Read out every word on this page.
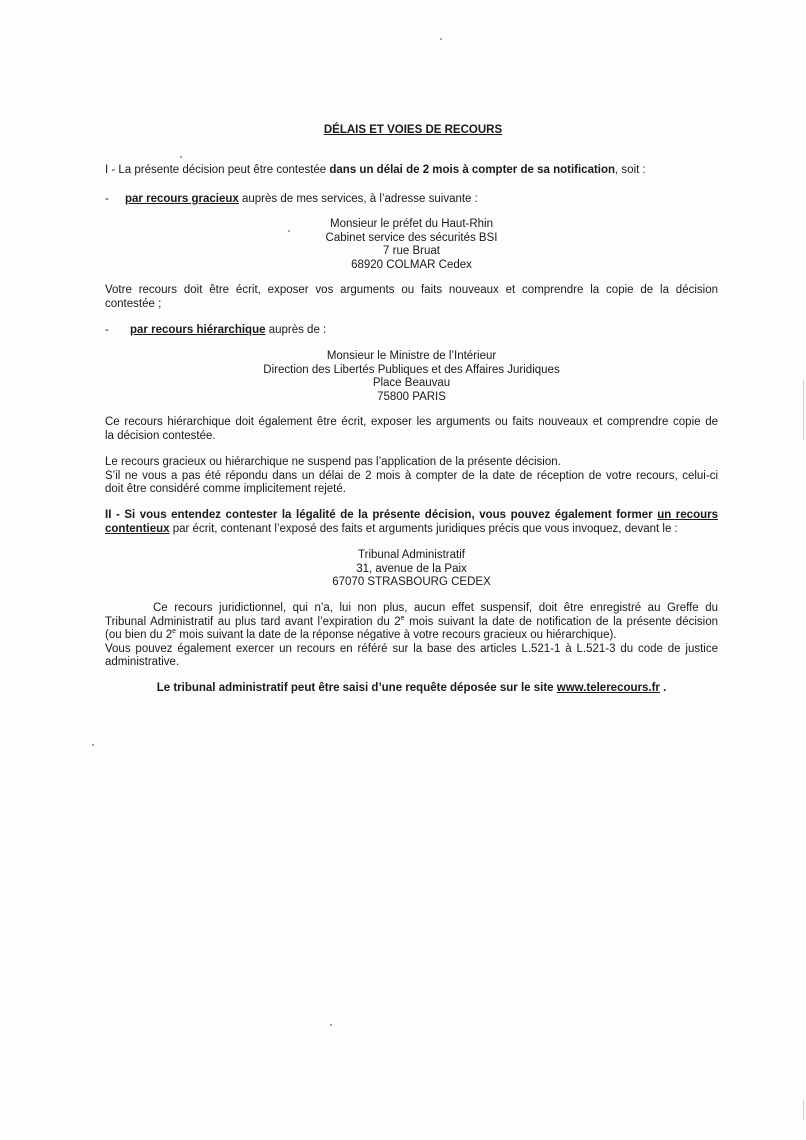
DÉLAIS ET VOIES DE RECOURS
I - La présente décision peut être contestée dans un délai de 2 mois à compter de sa notification, soit :
- par recours gracieux auprès de mes services, à l’adresse suivante :
Monsieur le préfet du Haut-Rhin
Cabinet service des sécurités BSI
7 rue Bruat
68920 COLMAR Cedex
Votre recours doit être écrit, exposer vos arguments ou faits nouveaux et comprendre la copie de la décision
contestée ;
- par recours hiérarchique auprès de :
Monsieur le Ministre de l’Intérieur
Direction des Libertés Publiques et des Affaires Juridiques
Place Beauvau
75800 PARIS
Ce recours hiérarchique doit également être écrit, exposer les arguments ou faits nouveaux et comprendre copie de
la décision contestée.
Le recours gracieux ou hiérarchique ne suspend pas l’application de la présente décision.
S’il ne vous a pas été répondu dans un délai de 2 mois à compter de la date de réception de votre recours, celui-ci
doit être considéré comme implicitement rejeté.
II - Si vous entendez contester la légalité de la présente décision, vous pouvez également former un recours
contentieux par écrit, contenant l’exposé des faits et arguments juridiques précis que vous invoquez, devant le :
Tribunal Administratif
31, avenue de la Paix
67070 STRASBOURG CEDEX
Ce recours juridictionnel, qui n’a, lui non plus, aucun effet suspensif, doit être enregistré au Greffe du
Tribunal Administratif au plus tard avant l’expiration du 2e mois suivant la date de notification de la présente décision
(ou bien du 2e mois suivant la date de la réponse négative à votre recours gracieux ou hiérarchique).
Vous pouvez également exercer un recours en référé sur la base des articles L.521-1 à L.521-3 du code de justice
administrative.
Le tribunal administratif peut être saisi d’une requête déposée sur le site www.telerecours.fr .
